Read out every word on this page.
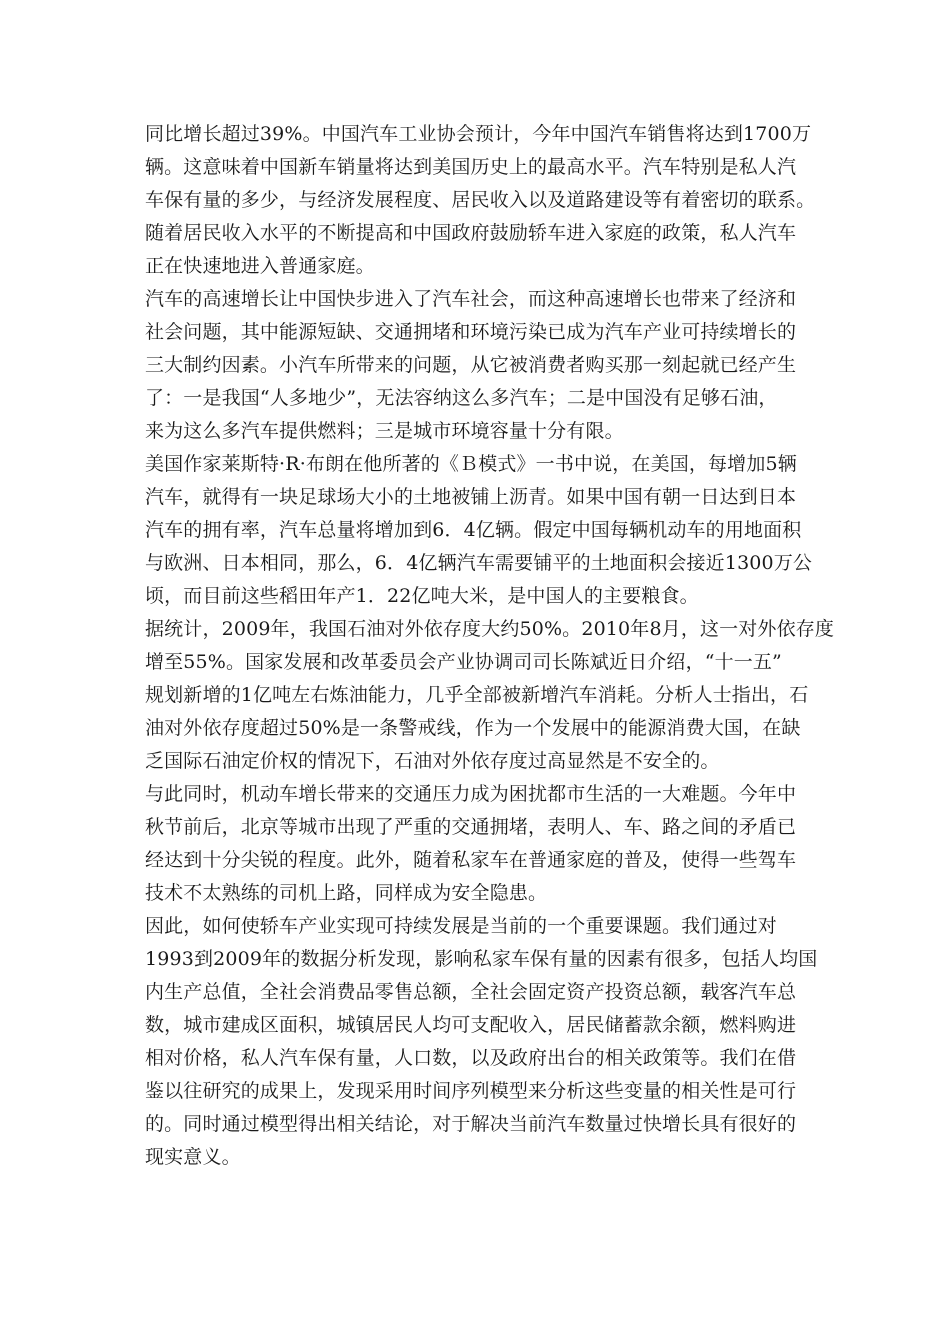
同比增长超过39%。中国汽车工业协会预计，今年中国汽车销售将达到1700万
辆。这意味着中国新车销量将达到美国历史上的最高水平。汽车特别是私人汽
车保有量的多少，与经济发展程度、居民收入以及道路建设等有着密切的联系。
随着居民收入水平的不断提高和中国政府鼓励轿车进入家庭的政策，私人汽车
正在快速地进入普通家庭。
汽车的高速增长让中国快步进入了汽车社会，而这种高速增长也带来了经济和
社会问题，其中能源短缺、交通拥堵和环境污染已成为汽车产业可持续增长的
三大制约因素。小汽车所带来的问题，从它被消费者购买那一刻起就已经产生
了：一是我国“人多地少”，无法容纳这么多汽车；二是中国没有足够石油，
来为这么多汽车提供燃料；三是城市环境容量十分有限。
美国作家莱斯特·R·布朗在他所著的《Ｂ模式》一书中说，在美国，每增加5辆
汽车，就得有一块足球场大小的土地被铺上沥青。如果中国有朝一日达到日本
汽车的拥有率，汽车总量将增加到6．4亿辆。假定中国每辆机动车的用地面积
与欧洲、日本相同，那么，6．4亿辆汽车需要铺平的土地面积会接近1300万公
顷，而目前这些稻田年产1．22亿吨大米，是中国人的主要粮食。
据统计，2009年，我国石油对外依存度大约50%。2010年8月，这一对外依存度
增至55%。国家发展和改革委员会产业协调司司长陈斌近日介绍，“十一五”
规划新增的1亿吨左右炼油能力，几乎全部被新增汽车消耗。分析人士指出，石
油对外依存度超过50%是一条警戒线，作为一个发展中的能源消费大国，在缺
乏国际石油定价权的情况下，石油对外依存度过高显然是不安全的。
与此同时，机动车增长带来的交通压力成为困扰都市生活的一大难题。今年中
秋节前后，北京等城市出现了严重的交通拥堵，表明人、车、路之间的矛盾已
经达到十分尖锐的程度。此外，随着私家车在普通家庭的普及，使得一些驾车
技术不太熟练的司机上路，同样成为安全隐患。
因此，如何使轿车产业实现可持续发展是当前的一个重要课题。我们通过对
1993到2009年的数据分析发现，影响私家车保有量的因素有很多，包括人均国
内生产总值，全社会消费品零售总额，全社会固定资产投资总额，载客汽车总
数，城市建成区面积，城镇居民人均可支配收入，居民储蓄款余额，燃料购进
相对价格，私人汽车保有量，人口数，以及政府出台的相关政策等。我们在借
鉴以往研究的成果上，发现采用时间序列模型来分析这些变量的相关性是可行
的。同时通过模型得出相关结论，对于解决当前汽车数量过快增长具有很好的
现实意义。
